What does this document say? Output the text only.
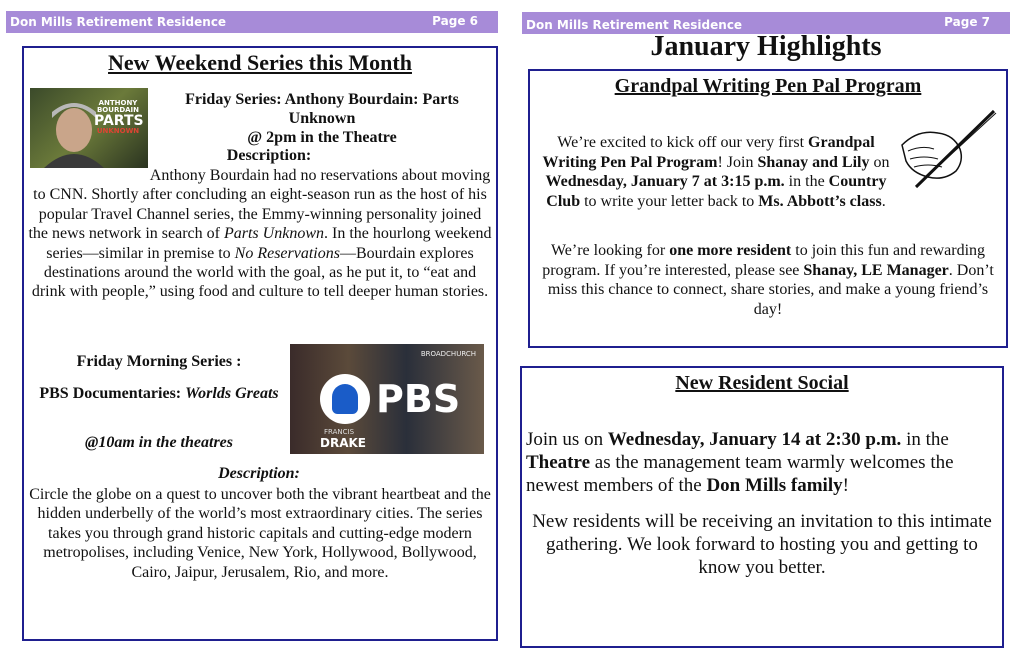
Don Mills Retirement Residence	Page 6	Don Mills Retirement Residence	Page 7
New Weekend Series this Month
ANTHONY
BOURDAIN
PARTS
UNKNOWN
Friday Series: Anthony Bourdain: Parts
Unknown
@ 2pm in the Theatre
Description:

Anthony Bourdain had no reservations about moving to CNN. Shortly after concluding an eight-season run as the host of his popular Travel Channel series, the Emmy-winning personality joined the news network in search of Parts Unknown. In the hourlong weekend series—similar in premise to No Reservations—Bourdain explores destinations around the world with the goal, as he put it, to “eat and drink with people,” using food and culture to tell deeper human stories.

Friday Morning Series :
PBS Documentaries: Worlds Greats
@10am in the theatres
PBS
FRANCIS
DRAKE
BROADCHURCH
Description:

Circle the globe on a quest to uncover both the vibrant heartbeat and the hidden underbelly of the world’s most extraordinary cities. The series takes you through grand historic capitals and cutting-edge modern metropolises, including Venice, New York, Hollywood, Bollywood, Cairo, Jaipur, Jerusalem, Rio, and more.

January Highlights
Grandpal Writing Pen Pal Program

We’re excited to kick off our very first Grandpal Writing Pen Pal Program! Join Shanay and Lily on Wednesday, January 7 at 3:15 p.m. in the Country Club to write your letter back to Ms. Abbott’s class.

We’re looking for one more resident to join this fun and rewarding program. If you’re interested, please see Shanay, LE Manager. Don’t miss this chance to connect, share stories, and make a young friend’s day!

New Resident Social

Join us on Wednesday, January 14 at 2:30 p.m. in the Theatre as the management team warmly welcomes the newest members of the Don Mills family!

New residents will be receiving an invitation to this intimate gathering. We look forward to hosting you and getting to know you better.
